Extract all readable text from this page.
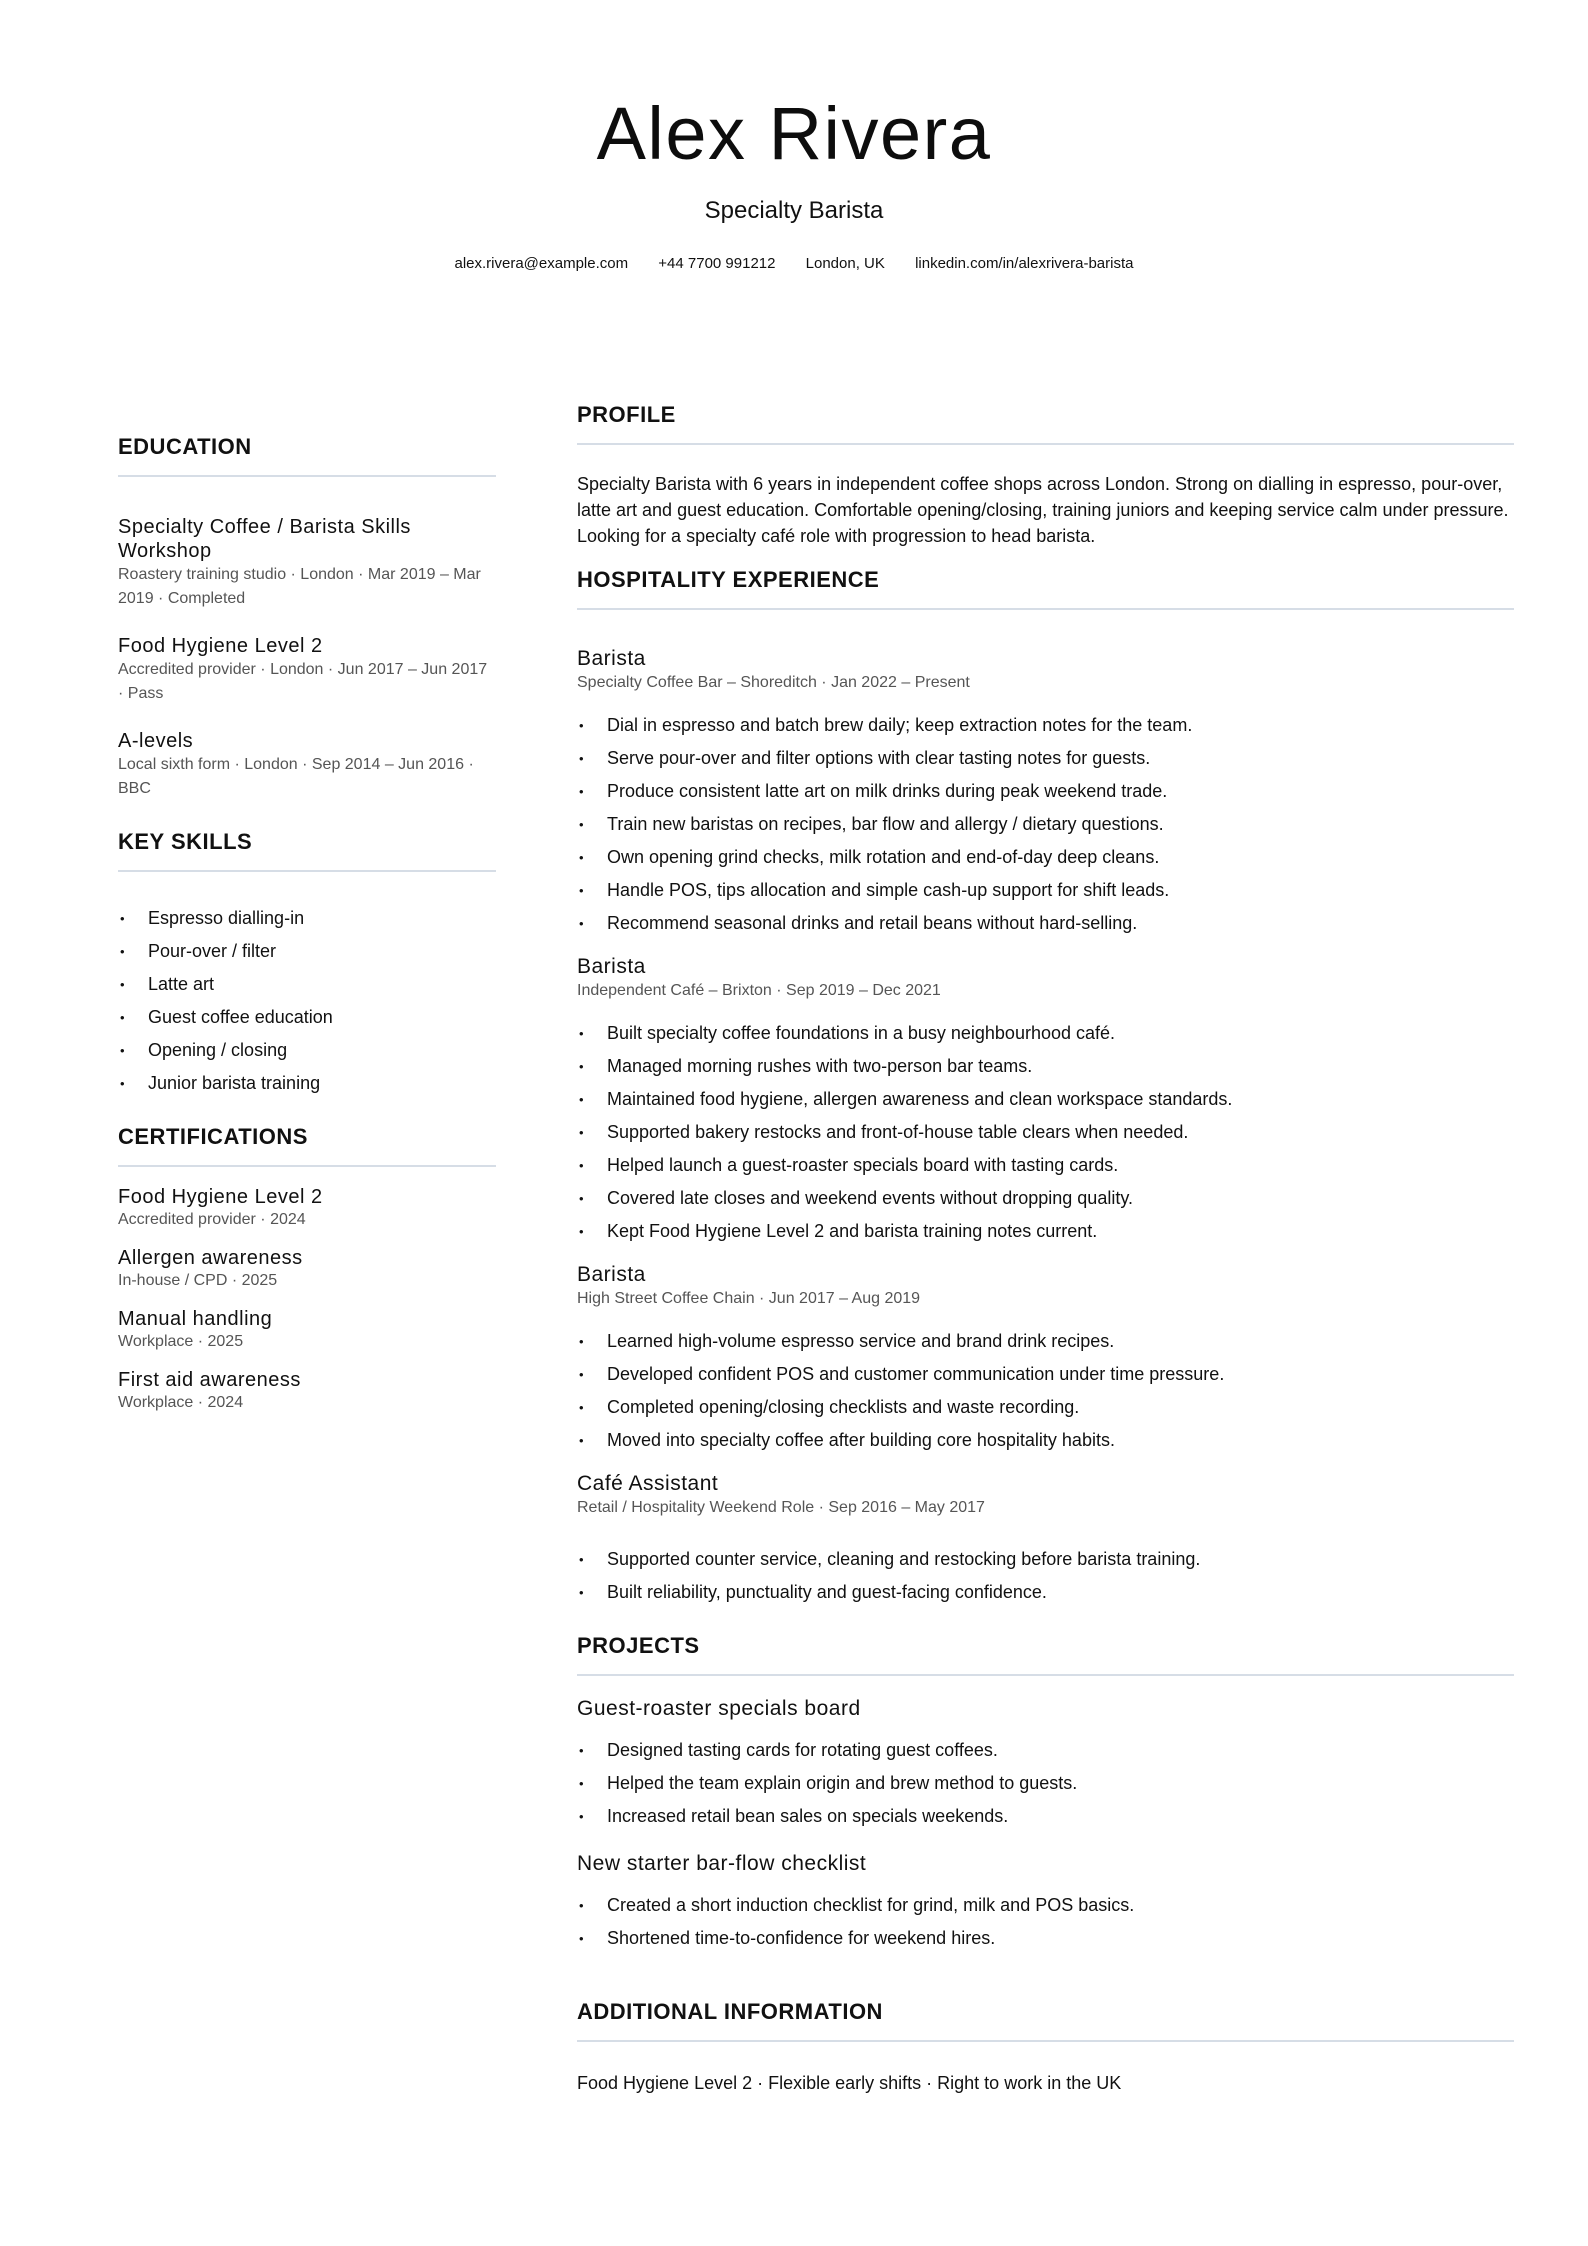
Alex Rivera
Specialty Barista
alex.rivera@example.com +44 7700 991212 London, UK linkedin.com/in/alexrivera-barista
EDUCATION
Specialty Coffee / Barista Skills Workshop
Roastery training studio · London · Mar 2019 – Mar 2019 · Completed
Food Hygiene Level 2
Accredited provider · London · Jun 2017 – Jun 2017 · Pass
A-levels
Local sixth form · London · Sep 2014 – Jun 2016 · BBC
KEY SKILLS
• Espresso dialling-in
• Pour-over / filter
• Latte art
• Guest coffee education
• Opening / closing
• Junior barista training
CERTIFICATIONS
Food Hygiene Level 2
Accredited provider · 2024
Allergen awareness
In-house / CPD · 2025
Manual handling
Workplace · 2025
First aid awareness
Workplace · 2024
PROFILE

Specialty Barista with 6 years in independent coffee shops across London. Strong on dialling in espresso, pour-over, latte art and guest education. Comfortable opening/closing, training juniors and keeping service calm under pressure. Looking for a specialty café role with progression to head barista.

HOSPITALITY EXPERIENCE
Barista
Specialty Coffee Bar – Shoreditch · Jan 2022 – Present
• Dial in espresso and batch brew daily; keep extraction notes for the team.
• Serve pour-over and filter options with clear tasting notes for guests.
• Produce consistent latte art on milk drinks during peak weekend trade.
• Train new baristas on recipes, bar flow and allergy / dietary questions.
• Own opening grind checks, milk rotation and end-of-day deep cleans.
• Handle POS, tips allocation and simple cash-up support for shift leads.
• Recommend seasonal drinks and retail beans without hard-selling.
Barista
Independent Café – Brixton · Sep 2019 – Dec 2021
• Built specialty coffee foundations in a busy neighbourhood café.
• Managed morning rushes with two-person bar teams.
• Maintained food hygiene, allergen awareness and clean workspace standards.
• Supported bakery restocks and front-of-house table clears when needed.
• Helped launch a guest-roaster specials board with tasting cards.
• Covered late closes and weekend events without dropping quality.
• Kept Food Hygiene Level 2 and barista training notes current.
Barista
High Street Coffee Chain · Jun 2017 – Aug 2019
• Learned high-volume espresso service and brand drink recipes.
• Developed confident POS and customer communication under time pressure.
• Completed opening/closing checklists and waste recording.
• Moved into specialty coffee after building core hospitality habits.
Café Assistant
Retail / Hospitality Weekend Role · Sep 2016 – May 2017
• Supported counter service, cleaning and restocking before barista training.
• Built reliability, punctuality and guest-facing confidence.
PROJECTS
Guest-roaster specials board
• Designed tasting cards for rotating guest coffees.
• Helped the team explain origin and brew method to guests.
• Increased retail bean sales on specials weekends.
New starter bar-flow checklist
• Created a short induction checklist for grind, milk and POS basics.
• Shortened time-to-confidence for weekend hires.
ADDITIONAL INFORMATION
Food Hygiene Level 2 · Flexible early shifts · Right to work in the UK
